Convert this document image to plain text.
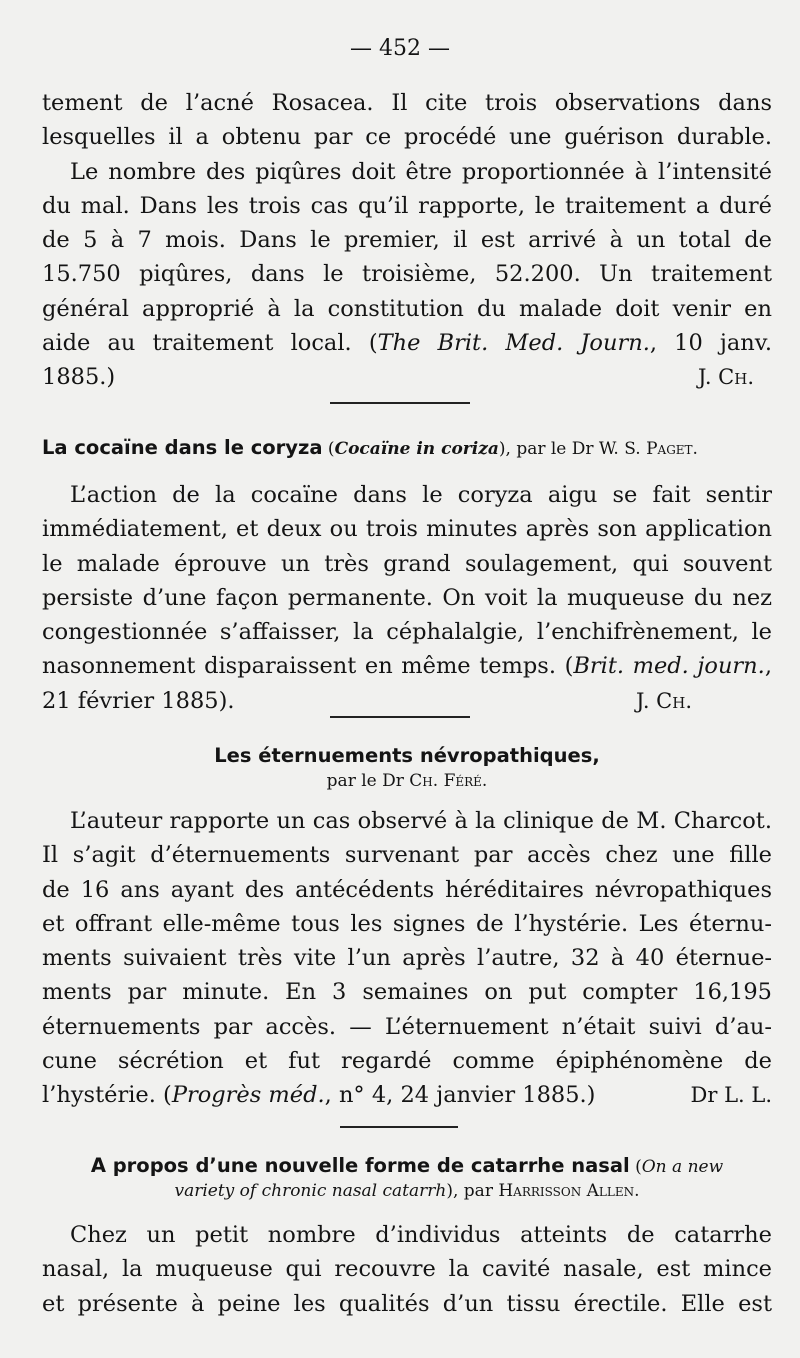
— 452 —
tement de l’acné Rosacea. Il cite trois observations dans
lesquelles il a obtenu par ce procédé une guérison durable.
Le nombre des piqûres doit être proportionnée à l’intensité
du mal. Dans les trois cas qu’il rapporte, le traitement a duré
de 5 à 7 mois. Dans le premier, il est arrivé à un total de
15.750 piqûres, dans le troisième, 52.200. Un traitement
général approprié à la constitution du malade doit venir en
aide au traitement local. (The Brit. Med. Journ., 10 janv.
1885.)	J. Ch.
La cocaïne dans le coryza (Cocaïne in coriza), par le Dr W. S. Paget.
L’action de la cocaïne dans le coryza aigu se fait sentir
immédiatement, et deux ou trois minutes après son application
le malade éprouve un très grand soulagement, qui souvent
persiste d’une façon permanente. On voit la muqueuse du nez
congestionnée s’affaisser, la céphalalgie, l’enchifrènement, le
nasonnement disparaissent en même temps. (Brit. med. journ.,
21 février 1885).	J. Ch.
Les éternuements névropathiques,
par le Dr Ch. Féré.
L’auteur rapporte un cas observé à la clinique de M. Charcot.
Il s’agit d’éternuements survenant par accès chez une fille
de 16 ans ayant des antécédents héréditaires névropathiques
et offrant elle-même tous les signes de l’hystérie. Les éternu-
ments suivaient très vite l’un après l’autre, 32 à 40 éternue-
ments par minute. En 3 semaines on put compter 16,195
éternuements par accès. — L’éternuement n’était suivi d’au-
cune sécrétion et fut regardé comme épiphénomène de
l’hystérie. (Progrès méd., n° 4, 24 janvier 1885.)	Dr L. L.
A propos d’une nouvelle forme de catarrhe nasal (On a new
variety of chronic nasal catarrh), par Harrisson Allen.
Chez un petit nombre d’individus atteints de catarrhe
nasal, la muqueuse qui recouvre la cavité nasale, est mince
et présente à peine les qualités d’un tissu érectile. Elle est
